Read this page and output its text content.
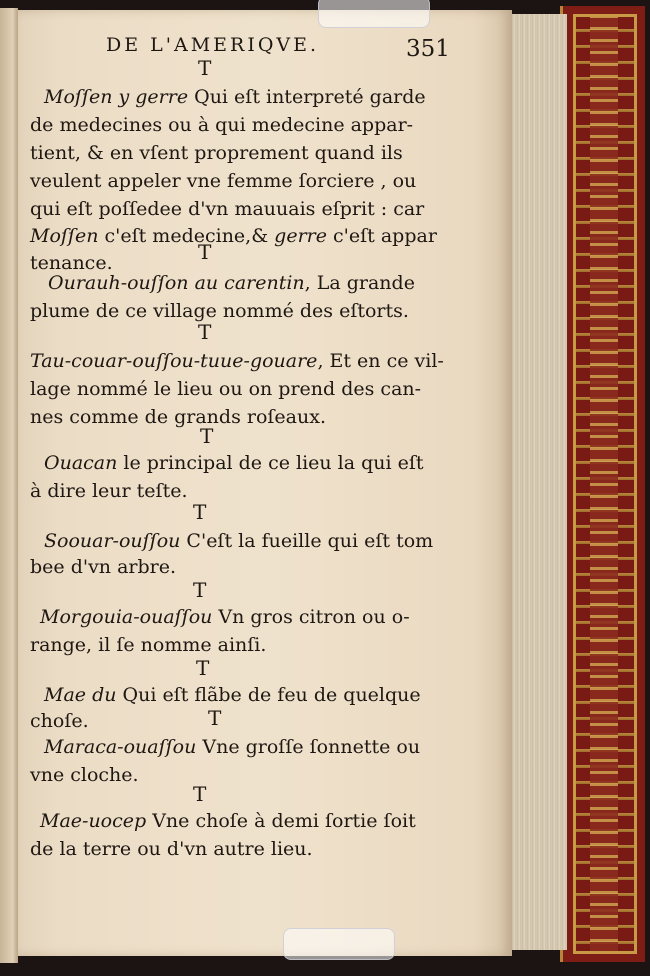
DE L'AMERIQVE.	351
T
Moſſen y gerre Qui eſt interpreté garde
de medecines ou à qui medecine appar-
tient, & en vſent proprement quand ils
veulent appeler vne femme ſorciere , ou
qui eſt poſſedee d'vn mauuais eſprit : car
Moſſen c'eſt medecine,& gerre c'eſt appar
tenance.	T
Ourauh-ouſſon au carentin, La grande
plume de ce village nommé des eſtorts.
T
Tau-couar-ouſſou-tuue-gouare, Et en ce vil-
lage nommé le lieu ou on prend des can-
nes comme de grands roſeaux.
T
Ouacan le principal de ce lieu la qui eſt
à dire leur teſte.
T
Soouar-ouſſou C'eſt la fueille qui eſt tom
bee d'vn arbre.
T
Morgouia-ouaſſou Vn gros citron ou o-
range, il ſe nomme ainſi.
T
Mae du Qui eſt flãbe de feu de quelque
choſe.	T
Maraca-ouaſſou Vne groſſe ſonnette ou
vne cloche.
T
Mae-uocep Vne choſe à demi ſortie ſoit
de la terre ou d'vn autre lieu.
